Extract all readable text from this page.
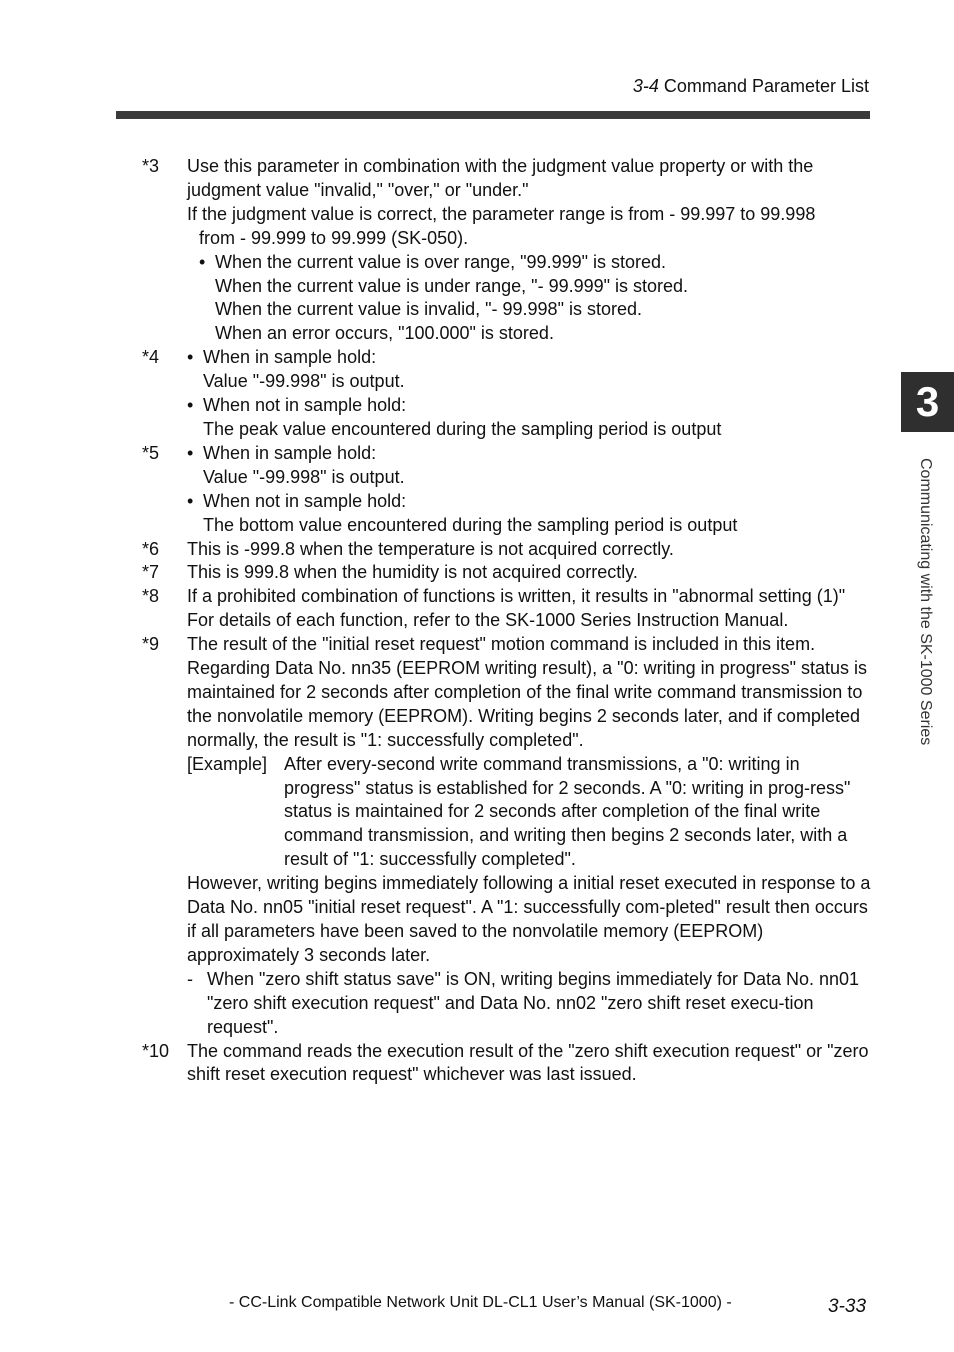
3-4 Command Parameter List
3
Communicating with the SK-1000 Series
*3 Use this parameter in combination with the judgment value property or with the judgment value "invalid," "over," or "under."
If the judgment value is correct, the parameter range is from - 99.997 to 99.998
from - 99.999 to 99.999 (SK-050).
• When the current value is over range, "99.999" is stored.
When the current value is under range, "- 99.999" is stored.
When the current value is invalid, "- 99.998" is stored.
When an error occurs, "100.000" is stored.
*4 • When in sample hold:
Value "-99.998" is output.
• When not in sample hold:
The peak value encountered during the sampling period is output
*5 • When in sample hold:
Value "-99.998" is output.
• When not in sample hold:
The bottom value encountered during the sampling period is output
*6 This is -999.8 when the temperature is not acquired correctly.
*7 This is 999.8 when the humidity is not acquired correctly.
*8 If a prohibited combination of functions is written, it results in "abnormal setting (1)" For details of each function, refer to the SK-1000 Series Instruction Manual.
*9 The result of the "initial reset request" motion command is included in this item. Regarding Data No. nn35 (EEPROM writing result), a "0: writing in progress" status is maintained for 2 seconds after completion of the final write command transmission to the nonvolatile memory (EEPROM). Writing begins 2 seconds later, and if completed normally, the result is "1: successfully completed".
[Example] After every-second write command transmissions, a "0: writing in progress" status is established for 2 seconds. A "0: writing in prog-ress" status is maintained for 2 seconds after completion of the final write command transmission, and writing then begins 2 seconds later, with a result of "1: successfully completed".
However, writing begins immediately following a initial reset executed in response to a Data No. nn05 "initial reset request". A "1: successfully com-pleted" result then occurs if all parameters have been saved to the nonvolatile memory (EEPROM) approximately 3 seconds later.
- When "zero shift status save" is ON, writing begins immediately for Data No. nn01 "zero shift execution request" and Data No. nn02 "zero shift reset execu-tion request".
*10 The command reads the execution result of the "zero shift execution request" or "zero shift reset execution request" whichever was last issued.
- CC-Link Compatible Network Unit DL-CL1 User’s Manual (SK-1000) -	3-33
